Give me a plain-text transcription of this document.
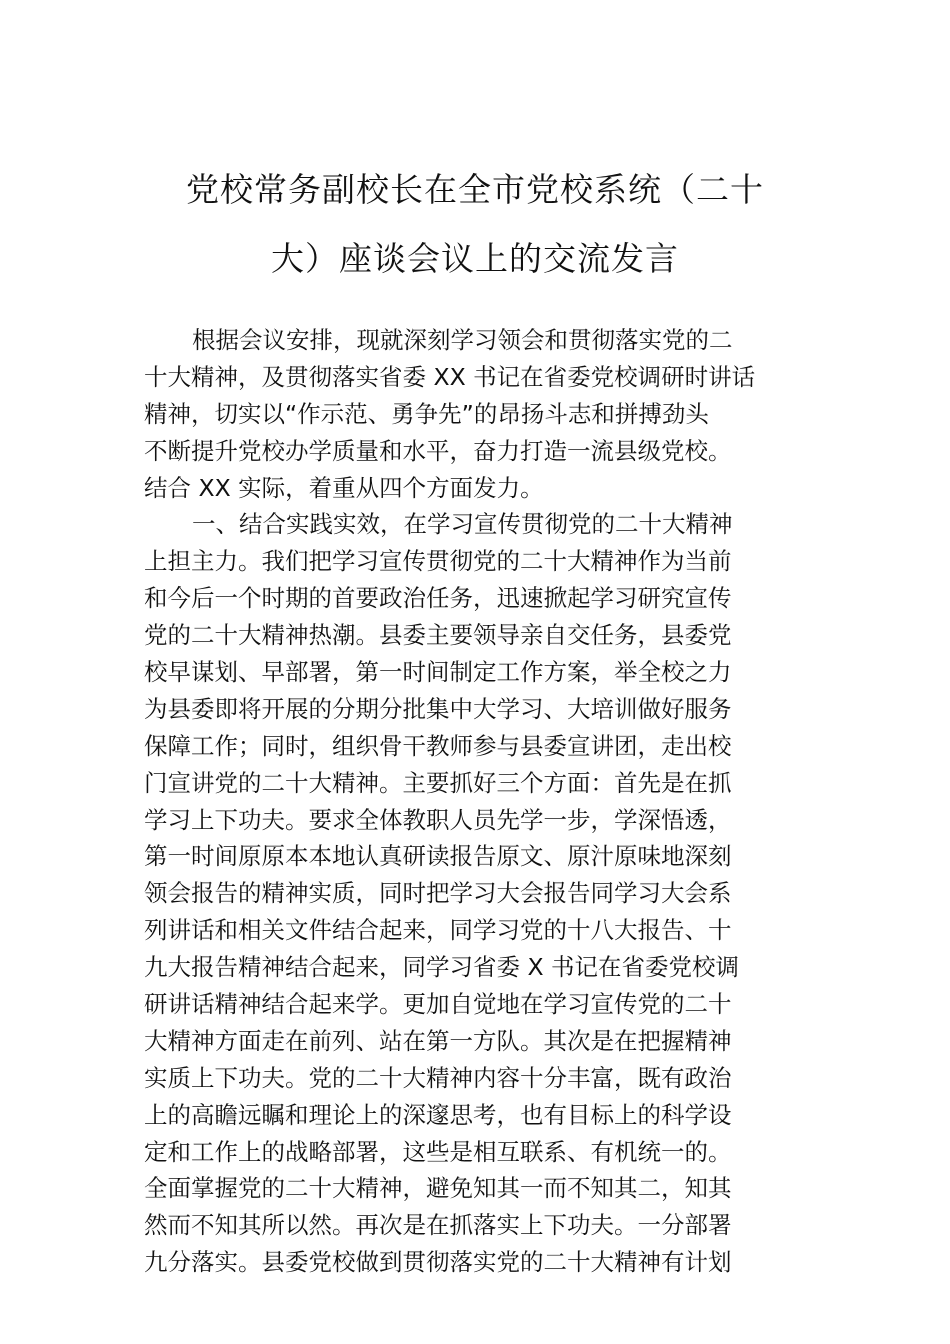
党校常务副校长在全市党校系统（二十
大）座谈会议上的交流发言
根据会议安排，现就深刻学习领会和贯彻落实党的二
十大精神，及贯彻落实省委 XX 书记在省委党校调研时讲话
精神，切实以“作示范、勇争先”的昂扬斗志和拼搏劲头
不断提升党校办学质量和水平，奋力打造一流县级党校。
结合 XX 实际，着重从四个方面发力。
一、结合实践实效，在学习宣传贯彻党的二十大精神
上担主力。我们把学习宣传贯彻党的二十大精神作为当前
和今后一个时期的首要政治任务，迅速掀起学习研究宣传
党的二十大精神热潮。县委主要领导亲自交任务，县委党
校早谋划、早部署，第一时间制定工作方案，举全校之力
为县委即将开展的分期分批集中大学习、大培训做好服务
保障工作；同时，组织骨干教师参与县委宣讲团，走出校
门宣讲党的二十大精神。主要抓好三个方面：首先是在抓
学习上下功夫。要求全体教职人员先学一步，学深悟透，
第一时间原原本本地认真研读报告原文、原汁原味地深刻
领会报告的精神实质，同时把学习大会报告同学习大会系
列讲话和相关文件结合起来，同学习党的十八大报告、十
九大报告精神结合起来，同学习省委 X 书记在省委党校调
研讲话精神结合起来学。更加自觉地在学习宣传党的二十
大精神方面走在前列、站在第一方队。其次是在把握精神
实质上下功夫。党的二十大精神内容十分丰富，既有政治
上的高瞻远瞩和理论上的深邃思考，也有目标上的科学设
定和工作上的战略部署，这些是相互联系、有机统一的。
全面掌握党的二十大精神，避免知其一而不知其二，知其
然而不知其所以然。再次是在抓落实上下功夫。一分部署
九分落实。县委党校做到贯彻落实党的二十大精神有计划
